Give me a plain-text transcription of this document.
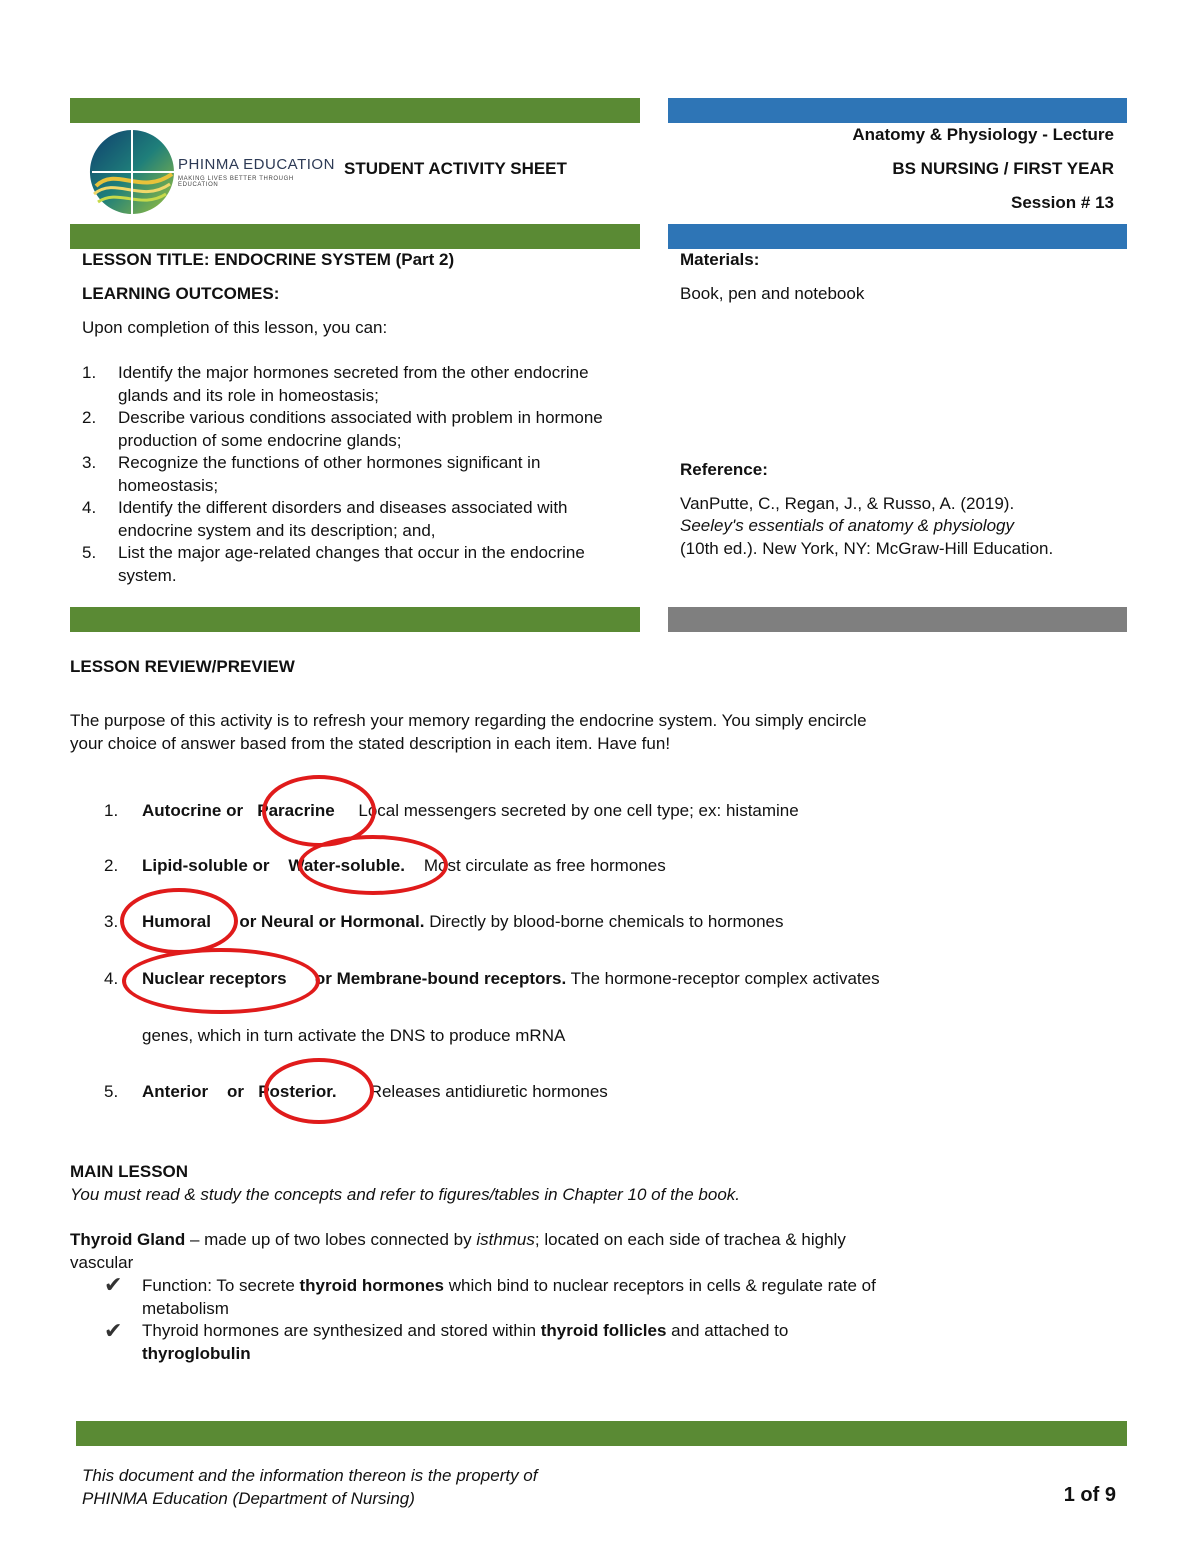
PHINMA EDUCATION
MAKING LIVES BETTER THROUGH EDUCATION
STUDENT ACTIVITY SHEET
Anatomy & Physiology - Lecture
BS NURSING / FIRST YEAR
Session # 13
LESSON TITLE: ENDOCRINE SYSTEM (Part 2)
LEARNING OUTCOMES:
Upon completion of this lesson, you can:
1. Identify the major hormones secreted from the other endocrine glands and its role in homeostasis;
2. Describe various conditions associated with problem in hormone production of some endocrine glands;
3. Recognize the functions of other hormones significant in homeostasis;
4. Identify the different disorders and diseases associated with endocrine system and its description; and,
5. List the major age-related changes that occur in the endocrine system.
Materials:
Book, pen and notebook
Reference:
VanPutte, C., Regan, J., & Russo, A. (2019).
Seeley's essentials of anatomy & physiology
(10th ed.). New York, NY: McGraw-Hill Education.
LESSON REVIEW/PREVIEW
The purpose of this activity is to refresh your memory regarding the endocrine system. You simply encircle
your choice of answer based from the stated description in each item. Have fun!
1. Autocrine or Paracrine Local messengers secreted by one cell type; ex: histamine
2. Lipid-soluble or Water-soluble. Most circulate as free hormones
3. Humoral or Neural or Hormonal. Directly by blood-borne chemicals to hormones
4. Nuclear receptors or Membrane-bound receptors. The hormone-receptor complex activates
genes, which in turn activate the DNS to produce mRNA
5. Anterior or Posterior. Releases antidiuretic hormones
MAIN LESSON
You must read & study the concepts and refer to figures/tables in Chapter 10 of the book.
Thyroid Gland – made up of two lobes connected by isthmus; located on each side of trachea & highly
vascular
✔ Function: To secrete thyroid hormones which bind to nuclear receptors in cells & regulate rate of
metabolism
✔ Thyroid hormones are synthesized and stored within thyroid follicles and attached to
thyroglobulin
This document and the information thereon is the property of
PHINMA Education (Department of Nursing)	1 of 9
